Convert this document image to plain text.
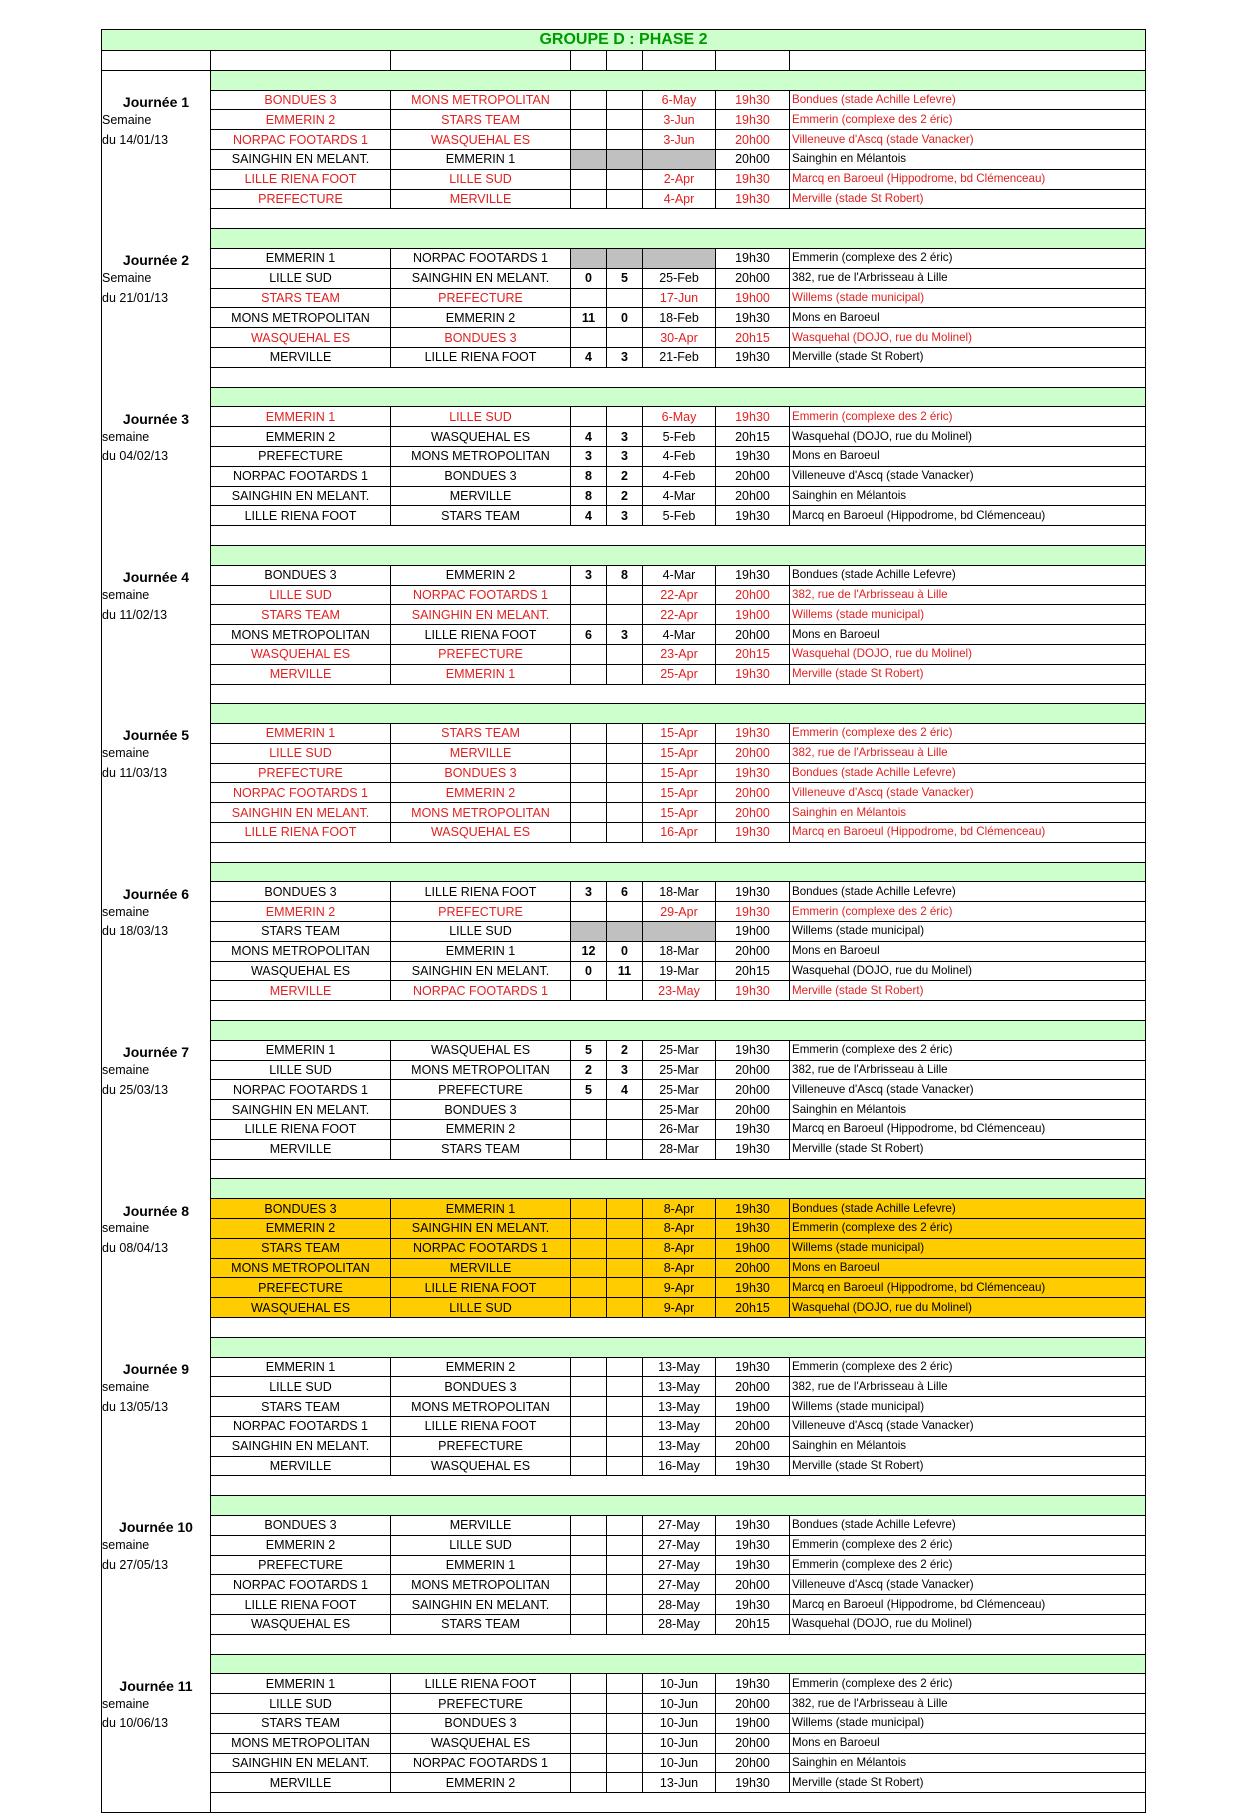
GROUPE D : PHASE 2							

Journée 1							
	BONDUES 3	MONS METROPOLITAN			6-May	19h30	Bondues (stade Achille Lefevre)
Semaine	EMMERIN 2	STARS TEAM			3-Jun	19h30	Emmerin (complexe des 2 éric)
du 14/01/13	NORPAC FOOTARDS 1	WASQUEHAL ES			3-Jun	20h00	Villeneuve d'Ascq (stade Vanacker)
	SAINGHIN EN MELANT.	EMMERIN 1				20h00	Sainghin en Mélantois
	LILLE RIENA FOOT	LILLE SUD			2-Apr	19h30	Marcq en Baroeul (Hippodrome, bd Clémenceau)
	PREFECTURE	MERVILLE			4-Apr	19h30	Merville (stade St Robert)

Journée 2							
	EMMERIN 1	NORPAC FOOTARDS 1				19h30	Emmerin (complexe des 2 éric)
Semaine	LILLE SUD	SAINGHIN EN MELANT.	0	5	25-Feb	20h00	382, rue de l'Arbrisseau à Lille
du 21/01/13	STARS TEAM	PREFECTURE			17-Jun	19h00	Willems (stade municipal)
	MONS METROPOLITAN	EMMERIN 2	11	0	18-Feb	19h30	Mons en Baroeul
	WASQUEHAL ES	BONDUES 3			30-Apr	20h15	Wasquehal (DOJO, rue du Molinel)
	MERVILLE	LILLE RIENA FOOT	4	3	21-Feb	19h30	Merville (stade St Robert)

Journée 3							
	EMMERIN 1	LILLE SUD			6-May	19h30	Emmerin (complexe des 2 éric)
semaine	EMMERIN 2	WASQUEHAL ES	4	3	5-Feb	20h15	Wasquehal (DOJO, rue du Molinel)
du 04/02/13	PREFECTURE	MONS METROPOLITAN	3	3	4-Feb	19h30	Mons en Baroeul
	NORPAC FOOTARDS 1	BONDUES 3	8	2	4-Feb	20h00	Villeneuve d'Ascq (stade Vanacker)
	SAINGHIN EN MELANT.	MERVILLE	8	2	4-Mar	20h00	Sainghin en Mélantois
	LILLE RIENA FOOT	STARS TEAM	4	3	5-Feb	19h30	Marcq en Baroeul (Hippodrome, bd Clémenceau)

Journée 4							
	BONDUES 3	EMMERIN 2	3	8	4-Mar	19h30	Bondues (stade Achille Lefevre)
semaine	LILLE SUD	NORPAC FOOTARDS 1			22-Apr	20h00	382, rue de l'Arbrisseau à Lille
du 11/02/13	STARS TEAM	SAINGHIN EN MELANT.			22-Apr	19h00	Willems (stade municipal)
	MONS METROPOLITAN	LILLE RIENA FOOT	6	3	4-Mar	20h00	Mons en Baroeul
	WASQUEHAL ES	PREFECTURE			23-Apr	20h15	Wasquehal (DOJO, rue du Molinel)
	MERVILLE	EMMERIN 1			25-Apr	19h30	Merville (stade St Robert)

Journée 5							
	EMMERIN 1	STARS TEAM			15-Apr	19h30	Emmerin (complexe des 2 éric)
semaine	LILLE SUD	MERVILLE			15-Apr	20h00	382, rue de l'Arbrisseau à Lille
du 11/03/13	PREFECTURE	BONDUES 3			15-Apr	19h30	Bondues (stade Achille Lefevre)
	NORPAC FOOTARDS 1	EMMERIN 2			15-Apr	20h00	Villeneuve d'Ascq (stade Vanacker)
	SAINGHIN EN MELANT.	MONS METROPOLITAN			15-Apr	20h00	Sainghin en Mélantois
	LILLE RIENA FOOT	WASQUEHAL ES			16-Apr	19h30	Marcq en Baroeul (Hippodrome, bd Clémenceau)

Journée 6							
	BONDUES 3	LILLE RIENA FOOT	3	6	18-Mar	19h30	Bondues (stade Achille Lefevre)
semaine	EMMERIN 2	PREFECTURE			29-Apr	19h30	Emmerin (complexe des 2 éric)
du 18/03/13	STARS TEAM	LILLE SUD				19h00	Willems (stade municipal)
	MONS METROPOLITAN	EMMERIN 1	12	0	18-Mar	20h00	Mons en Baroeul
	WASQUEHAL ES	SAINGHIN EN MELANT.	0	11	19-Mar	20h15	Wasquehal (DOJO, rue du Molinel)
	MERVILLE	NORPAC FOOTARDS 1			23-May	19h30	Merville (stade St Robert)

Journée 7							
	EMMERIN 1	WASQUEHAL ES	5	2	25-Mar	19h30	Emmerin (complexe des 2 éric)
semaine	LILLE SUD	MONS METROPOLITAN	2	3	25-Mar	20h00	382, rue de l'Arbrisseau à Lille
du 25/03/13	NORPAC FOOTARDS 1	PREFECTURE	5	4	25-Mar	20h00	Villeneuve d'Ascq (stade Vanacker)
	SAINGHIN EN MELANT.	BONDUES 3			25-Mar	20h00	Sainghin en Mélantois
	LILLE RIENA FOOT	EMMERIN 2			26-Mar	19h30	Marcq en Baroeul (Hippodrome, bd Clémenceau)
	MERVILLE	STARS TEAM			28-Mar	19h30	Merville (stade St Robert)

Journée 8							
	BONDUES 3	EMMERIN 1			8-Apr	19h30	Bondues (stade Achille Lefevre)
semaine	EMMERIN 2	SAINGHIN EN MELANT.			8-Apr	19h30	Emmerin (complexe des 2 éric)
du 08/04/13	STARS TEAM	NORPAC FOOTARDS 1			8-Apr	19h00	Willems (stade municipal)
	MONS METROPOLITAN	MERVILLE			8-Apr	20h00	Mons en Baroeul
	PREFECTURE	LILLE RIENA FOOT			9-Apr	19h30	Marcq en Baroeul (Hippodrome, bd Clémenceau)
	WASQUEHAL ES	LILLE SUD			9-Apr	20h15	Wasquehal (DOJO, rue du Molinel)

Journée 9							
	EMMERIN 1	EMMERIN 2			13-May	19h30	Emmerin (complexe des 2 éric)
semaine	LILLE SUD	BONDUES 3			13-May	20h00	382, rue de l'Arbrisseau à Lille
du 13/05/13	STARS TEAM	MONS METROPOLITAN			13-May	19h00	Willems (stade municipal)
	NORPAC FOOTARDS 1	LILLE RIENA FOOT			13-May	20h00	Villeneuve d'Ascq (stade Vanacker)
	SAINGHIN EN MELANT.	PREFECTURE			13-May	20h00	Sainghin en Mélantois
	MERVILLE	WASQUEHAL ES			16-May	19h30	Merville (stade St Robert)

Journée 10							
	BONDUES 3	MERVILLE			27-May	19h30	Bondues (stade Achille Lefevre)
semaine	EMMERIN 2	LILLE SUD			27-May	19h30	Emmerin (complexe des 2 éric)
du 27/05/13	PREFECTURE	EMMERIN 1			27-May	19h30	Emmerin (complexe des 2 éric)
	NORPAC FOOTARDS 1	MONS METROPOLITAN			27-May	20h00	Villeneuve d'Ascq (stade Vanacker)
	LILLE RIENA FOOT	SAINGHIN EN MELANT.			28-May	19h30	Marcq en Baroeul (Hippodrome, bd Clémenceau)
	WASQUEHAL ES	STARS TEAM			28-May	20h15	Wasquehal (DOJO, rue du Molinel)

Journée 11							
	EMMERIN 1	LILLE RIENA FOOT			10-Jun	19h30	Emmerin (complexe des 2 éric)
semaine	LILLE SUD	PREFECTURE			10-Jun	20h00	382, rue de l'Arbrisseau à Lille
du 10/06/13	STARS TEAM	BONDUES 3			10-Jun	19h00	Willems (stade municipal)
	MONS METROPOLITAN	WASQUEHAL ES			10-Jun	20h00	Mons en Baroeul
	SAINGHIN EN MELANT.	NORPAC FOOTARDS 1			10-Jun	20h00	Sainghin en Mélantois
	MERVILLE	EMMERIN 2			13-Jun	19h30	Merville (stade St Robert)
